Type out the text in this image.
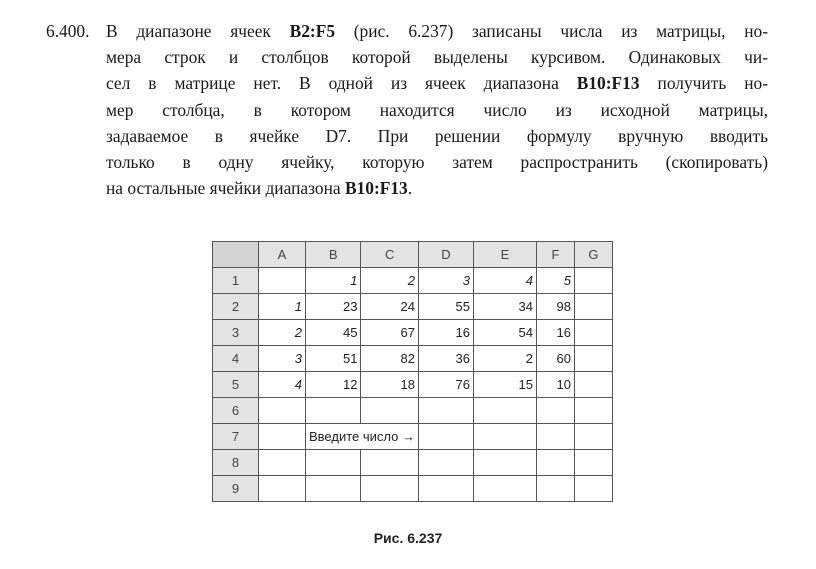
6.400. В диапазоне ячеек B2:F5 (рис. 6.237) записаны числа из матрицы, но-
мера строк и столбцов которой выделены курсивом. Одинаковых чи-
сел в матрице нет. В одной из ячеек диапазона B10:F13 получить но-
мер столбца, в котором находится число из исходной матрицы,
задаваемое в ячейке D7. При решении формулу вручную вводить
только в одну ячейку, которую затем распространить (скопировать)
на остальные ячейки диапазона B10:F13.
	A	B	C	D	E	F	G
1		1	2	3	4	5	
2	1	23	24	55	34	98	
3	2	45	67	16	54	16	
4	3	51	82	36	2	60	
5	4	12	18	76	15	10	
6							
7		Введите число →					
8							
9							
Рис. 6.237
